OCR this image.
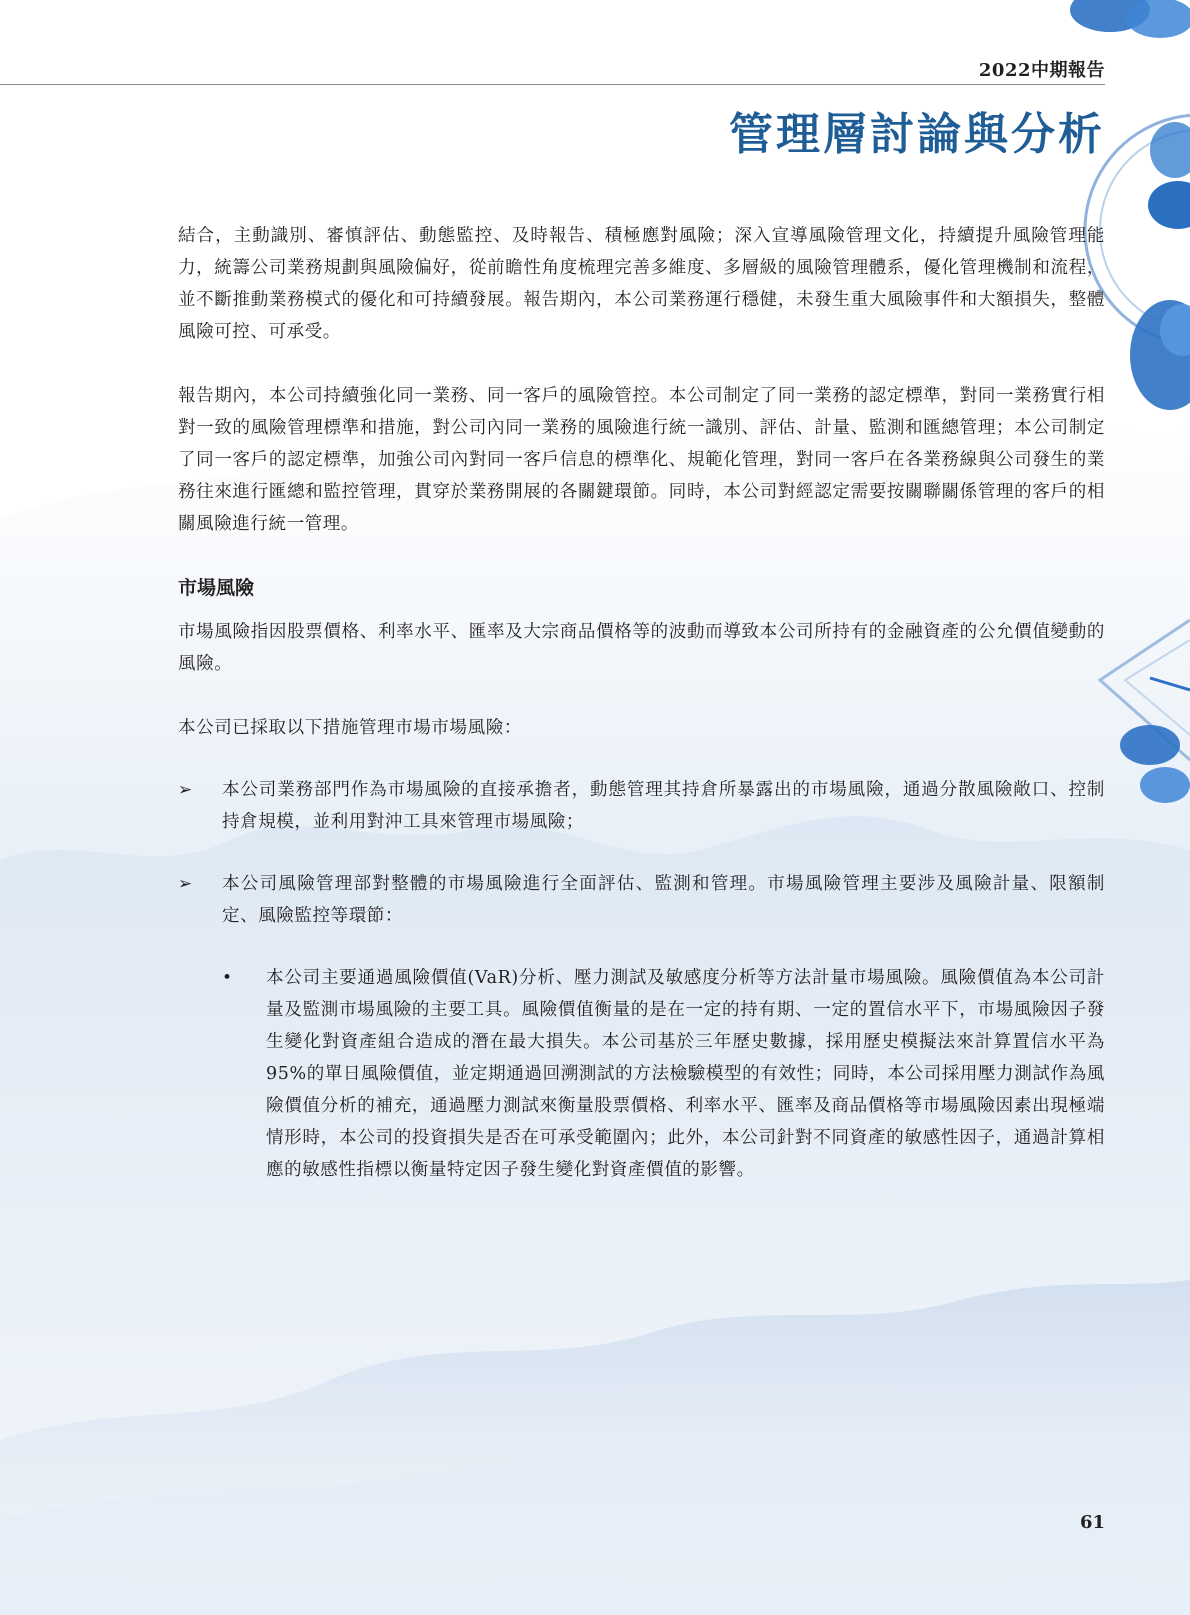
2022中期報告
管理層討論與分析

結合，主動識別、審慎評估、動態監控、及時報告、積極應對風險；深入宣導風險管理文化，持續提升風險管理能力，統籌公司業務規劃與風險偏好，從前瞻性角度梳理完善多維度、多層級的風險管理體系，優化管理機制和流程，並不斷推動業務模式的優化和可持續發展。報告期內，本公司業務運行穩健，未發生重大風險事件和大額損失，整體風險可控、可承受。

報告期內，本公司持續強化同一業務、同一客戶的風險管控。本公司制定了同一業務的認定標準，對同一業務實行相對一致的風險管理標準和措施，對公司內同一業務的風險進行統一識別、評估、計量、監測和匯總管理；本公司制定了同一客戶的認定標準，加強公司內對同一客戶信息的標準化、規範化管理，對同一客戶在各業務線與公司發生的業務往來進行匯總和監控管理，貫穿於業務開展的各關鍵環節。同時，本公司對經認定需要按關聯關係管理的客戶的相關風險進行統一管理。

市場風險

市場風險指因股票價格、利率水平、匯率及大宗商品價格等的波動而導致本公司所持有的金融資產的公允價值變動的風險。

本公司已採取以下措施管理市場市場風險：

➢ 本公司業務部門作為市場風險的直接承擔者，動態管理其持倉所暴露出的市場風險，通過分散風險敞口、控制持倉規模，並利用對沖工具來管理市場風險；

➢ 本公司風險管理部對整體的市場風險進行全面評估、監測和管理。市場風險管理主要涉及風險計量、限額制定、風險監控等環節：

• 本公司主要通過風險價值(VaR)分析、壓力測試及敏感度分析等方法計量市場風險。風險價值為本公司計量及監測市場風險的主要工具。風險價值衡量的是在一定的持有期、一定的置信水平下，市場風險因子發生變化對資產組合造成的潛在最大損失。本公司基於三年歷史數據，採用歷史模擬法來計算置信水平為95%的單日風險價值，並定期通過回溯測試的方法檢驗模型的有效性；同時，本公司採用壓力測試作為風險價值分析的補充，通過壓力測試來衡量股票價格、利率水平、匯率及商品價格等市場風險因素出現極端情形時，本公司的投資損失是否在可承受範圍內；此外，本公司針對不同資產的敏感性因子，通過計算相應的敏感性指標以衡量特定因子發生變化對資產價值的影響。

61
